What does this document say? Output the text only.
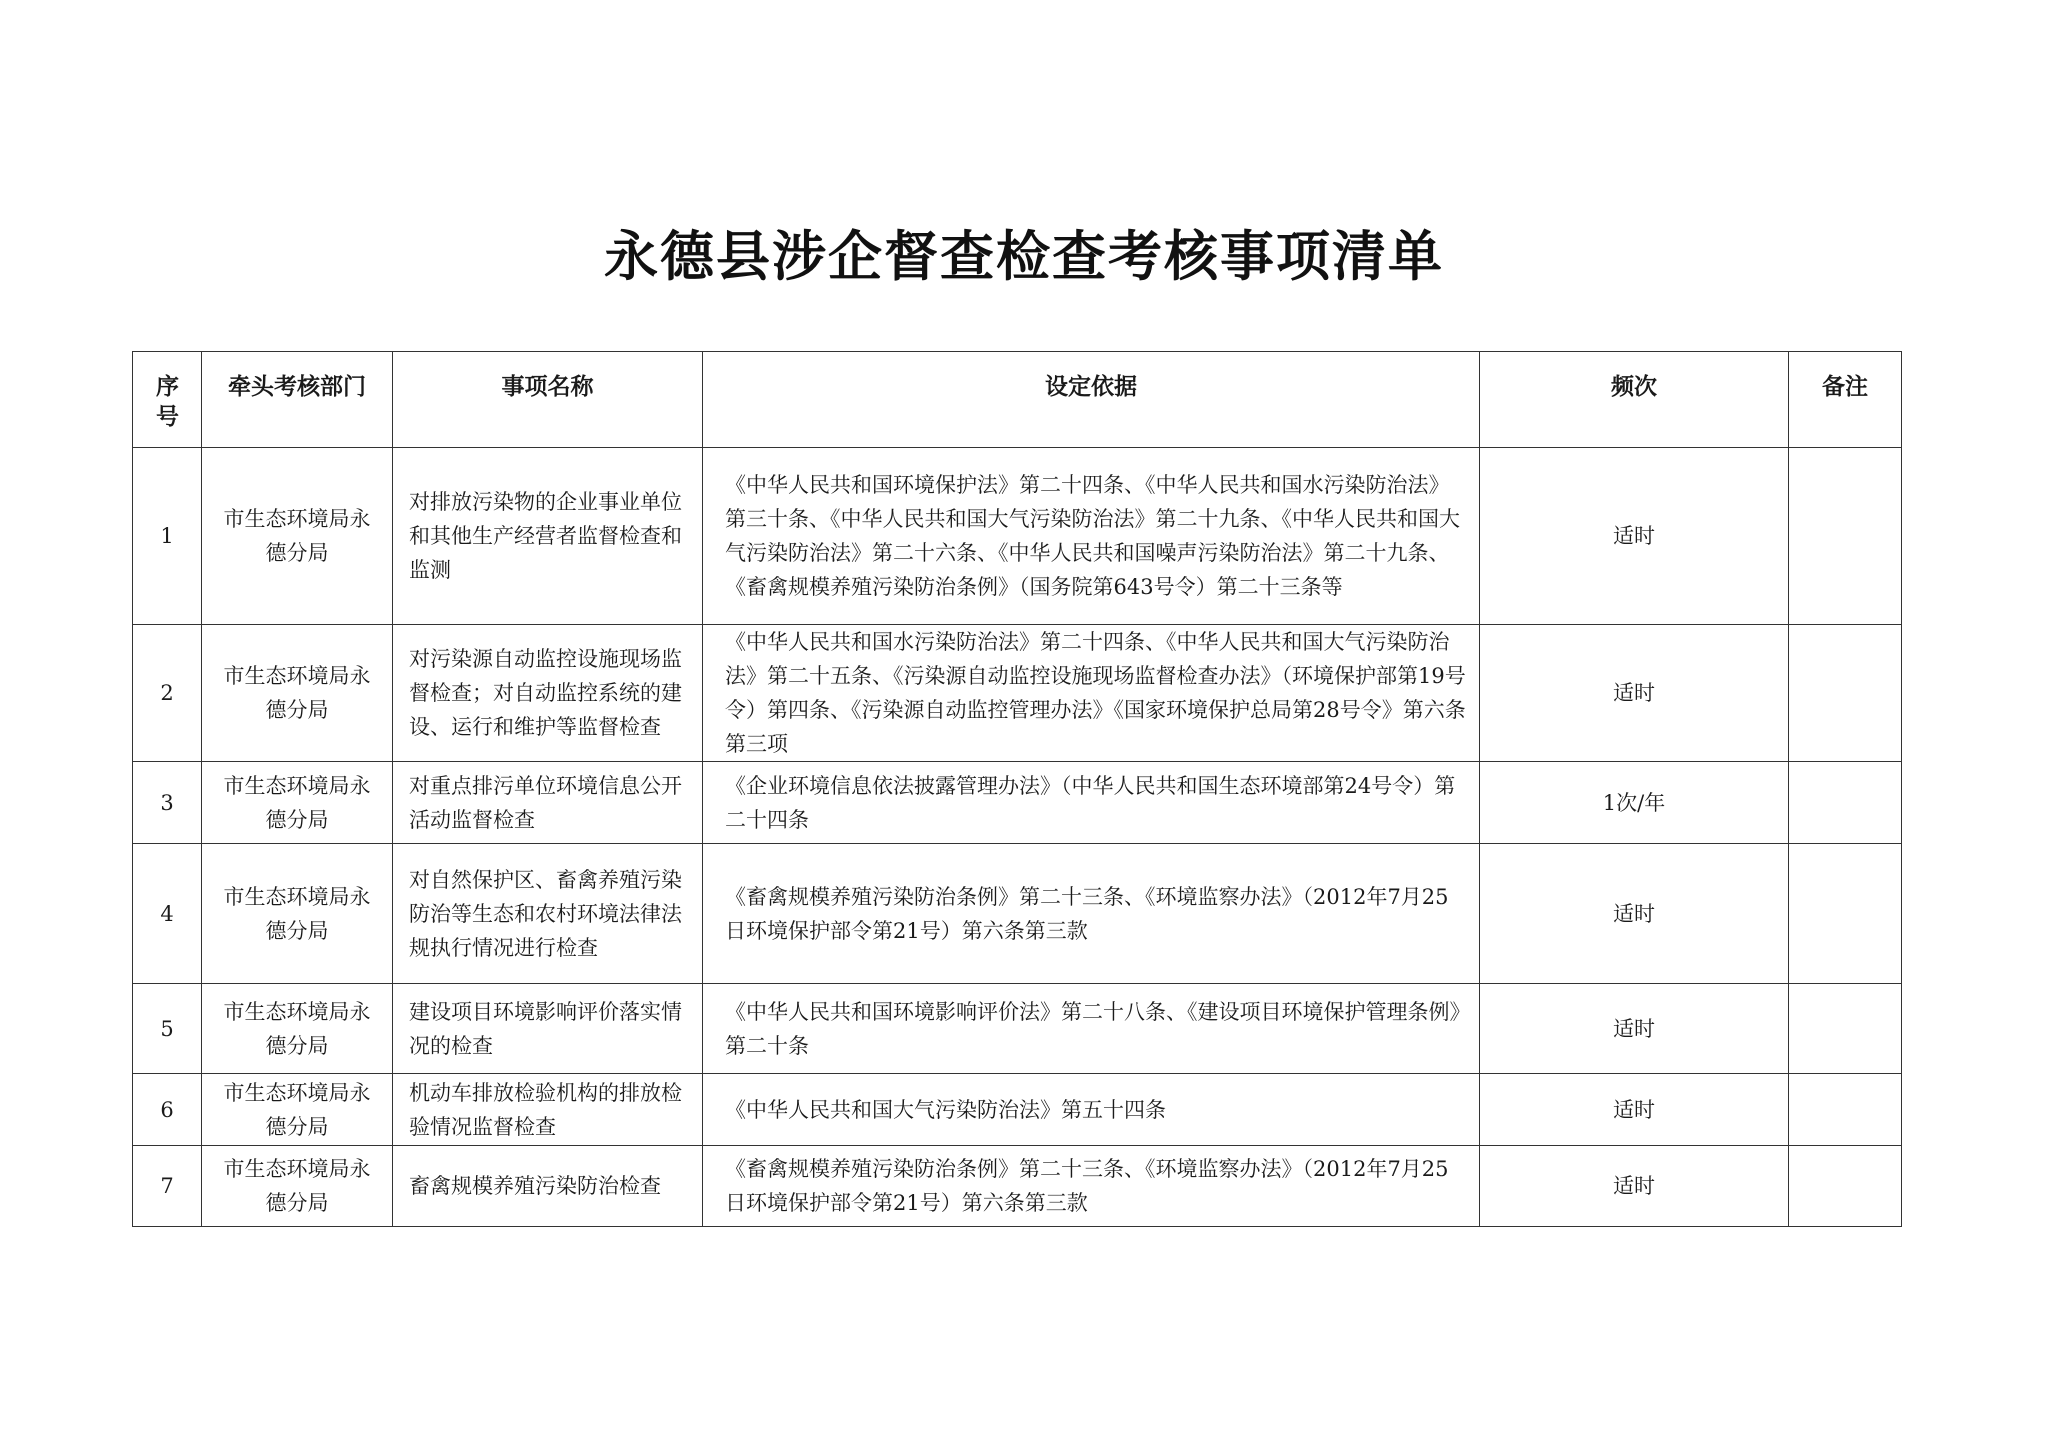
永德县涉企督查检查考核事项清单
序号	牵头考核部门	事项名称	设定依据	频次	备注
1	市生态环境局永德分局	对排放污染物的企业事业单位和其他生产经营者监督检查和监测	《中华人民共和国环境保护法》第二十四条、《中华人民共和国水污染防治法》第三十条、《中华人民共和国大气污染防治法》第二十九条、《中华人民共和国大气污染防治法》第二十六条、《中华人民共和国噪声污染防治法》第二十九条、《畜禽规模养殖污染防治条例》（国务院第643号令）第二十三条等	适时	
2	市生态环境局永德分局	对污染源自动监控设施现场监督检查；对自动监控系统的建设、运行和维护等监督检查	《中华人民共和国水污染防治法》第二十四条、《中华人民共和国大气污染防治法》第二十五条、《污染源自动监控设施现场监督检查办法》（环境保护部第19号令）第四条、《污染源自动监控管理办法》《国家环境保护总局第28号令》第六条第三项	适时	
3	市生态环境局永德分局	对重点排污单位环境信息公开活动监督检查	《企业环境信息依法披露管理办法》（中华人民共和国生态环境部第24号令）第二十四条	1次/年	
4	市生态环境局永德分局	对自然保护区、畜禽养殖污染防治等生态和农村环境法律法规执行情况进行检查	《畜禽规模养殖污染防治条例》第二十三条、《环境监察办法》（2012年7月25日环境保护部令第21号）第六条第三款	适时	
5	市生态环境局永德分局	建设项目环境影响评价落实情况的检查	《中华人民共和国环境影响评价法》第二十八条、《建设项目环境保护管理条例》第二十条	适时	
6	市生态环境局永德分局	机动车排放检验机构的排放检验情况监督检查	《中华人民共和国大气污染防治法》第五十四条	适时	
7	市生态环境局永德分局	畜禽规模养殖污染防治检查	《畜禽规模养殖污染防治条例》第二十三条、《环境监察办法》（2012年7月25日环境保护部令第21号）第六条第三款	适时	
